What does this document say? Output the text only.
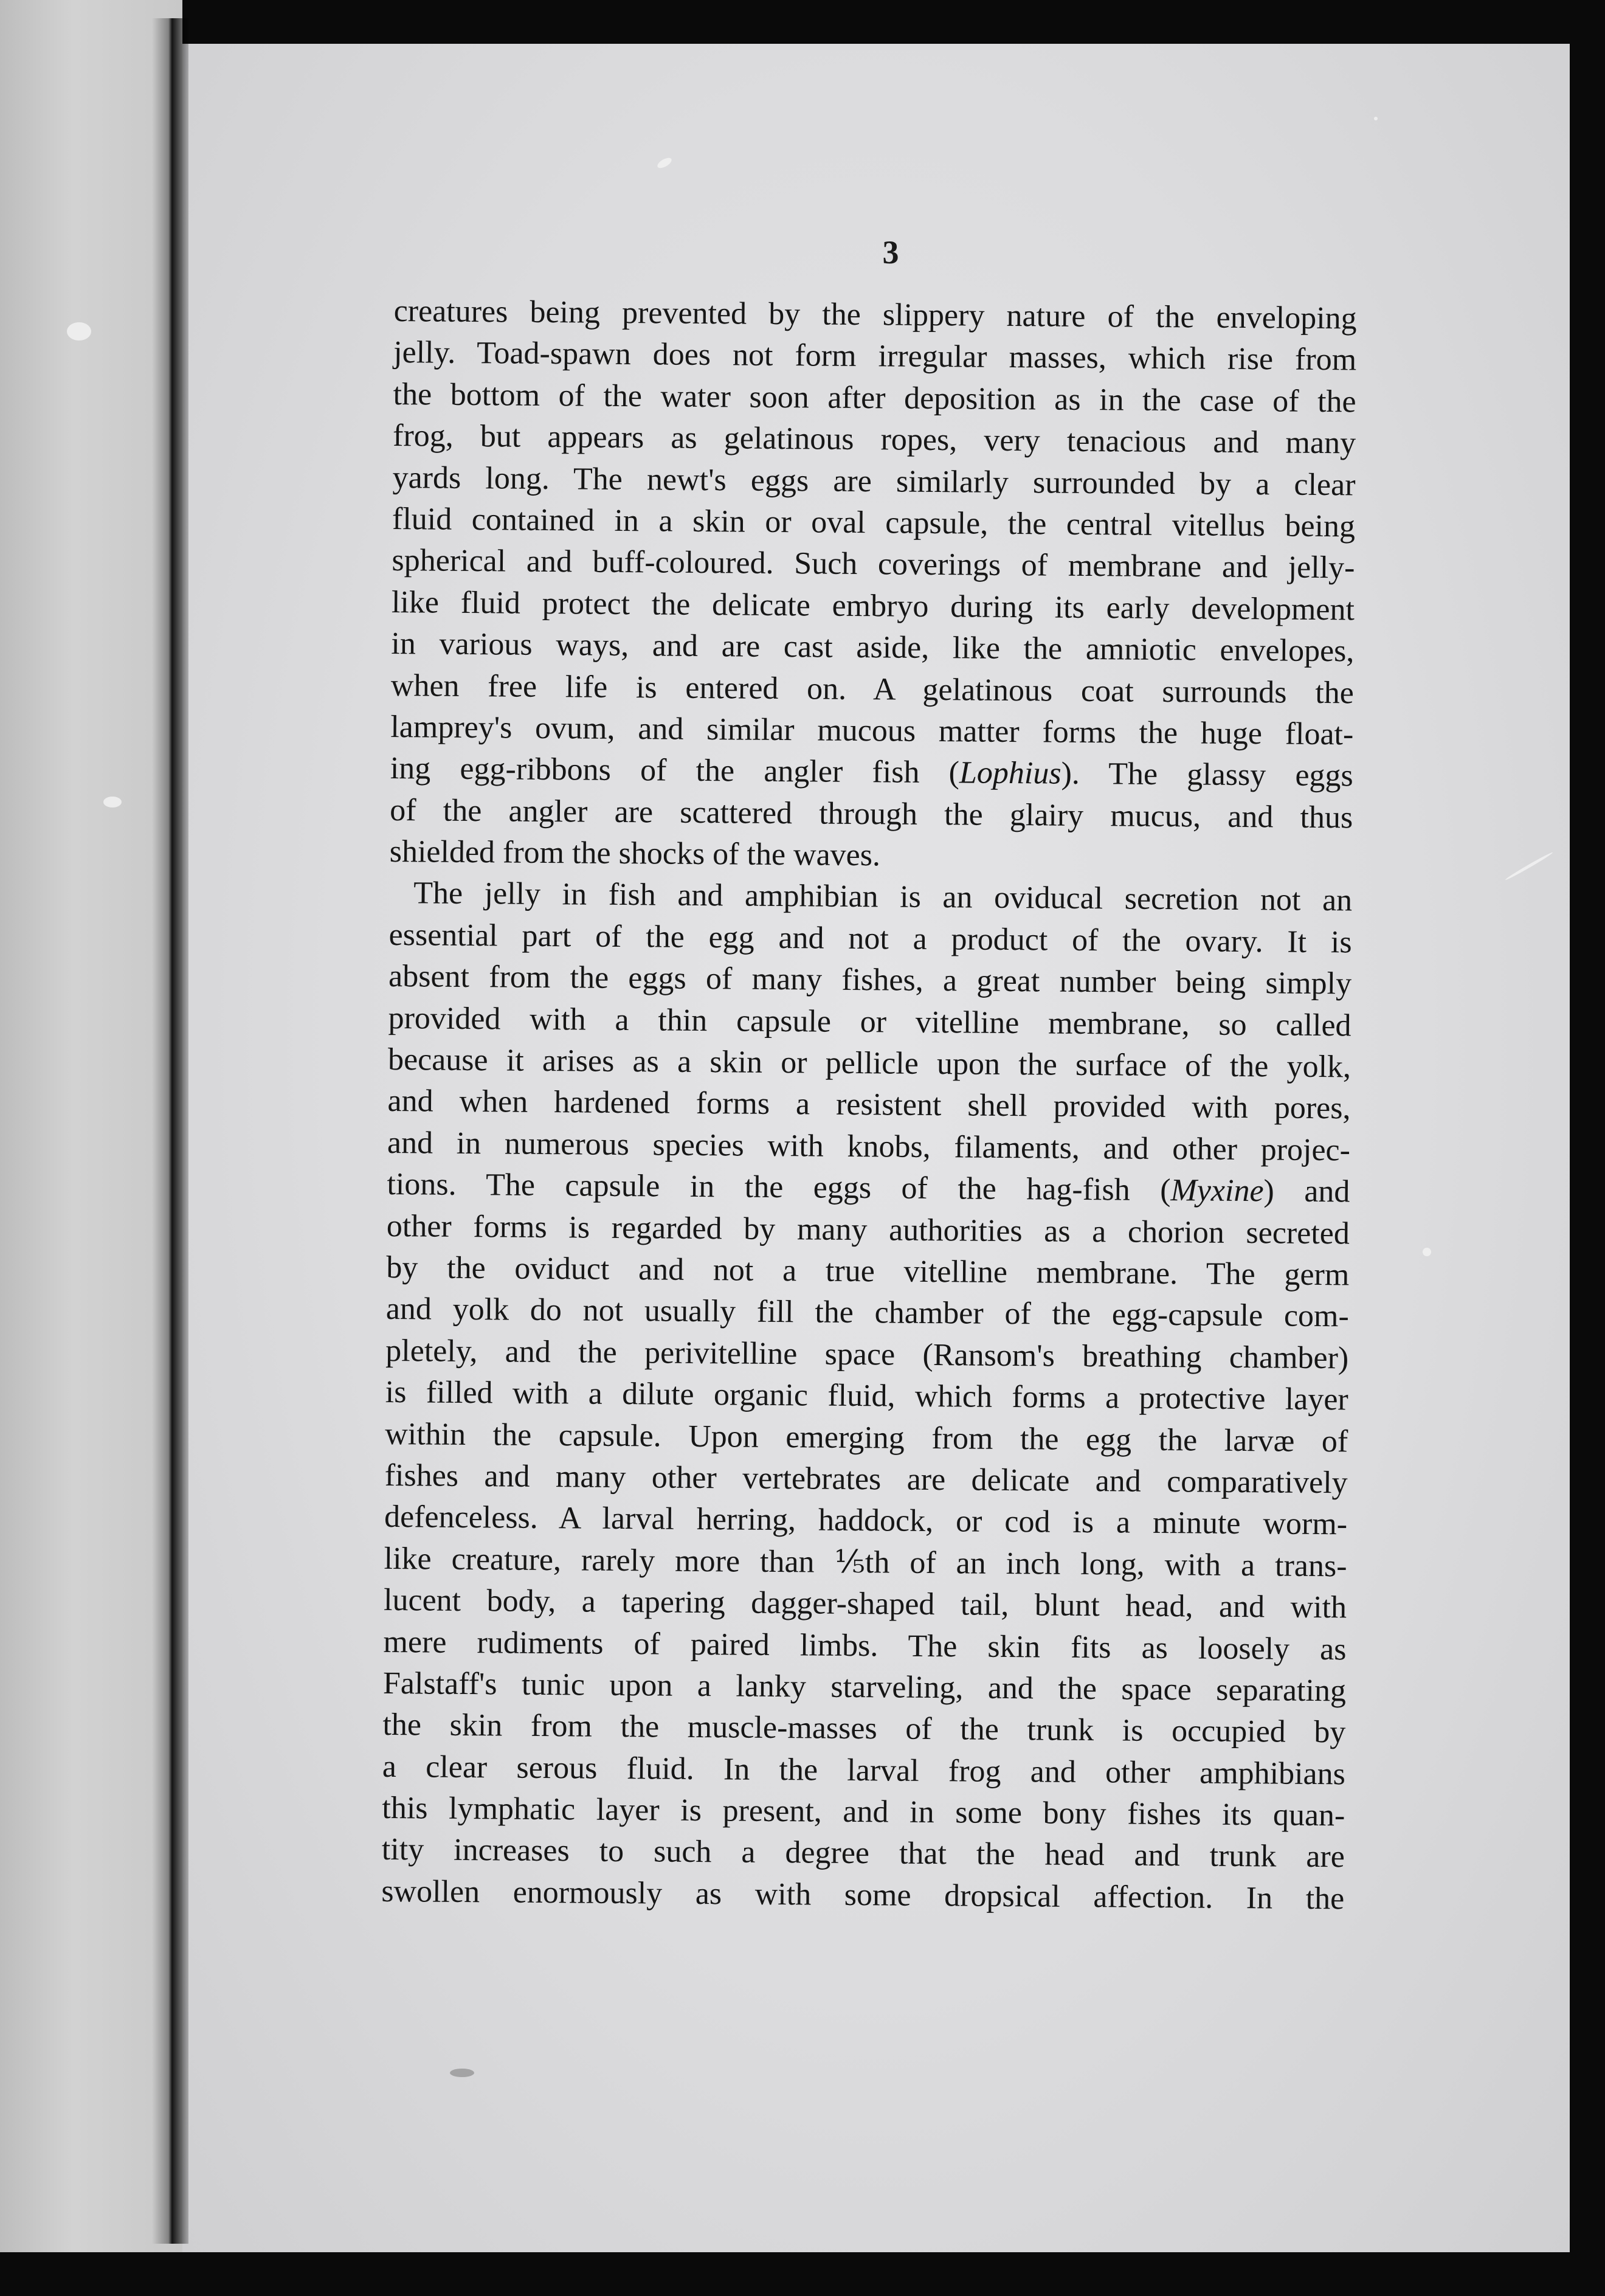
3
creatures being prevented by the slippery nature of the enveloping
jelly. Toad-spawn does not form irregular masses, which rise from
the bottom of the water soon after deposition as in the case of the
frog, but appears as gelatinous ropes, very tenacious and many
yards long. The newt's eggs are similarly surrounded by a clear
fluid contained in a skin or oval capsule, the central vitellus being
spherical and buff-coloured. Such coverings of membrane and jelly-
like fluid protect the delicate embryo during its early development
in various ways, and are cast aside, like the amniotic envelopes,
when free life is entered on. A gelatinous coat surrounds the
lamprey's ovum, and similar mucous matter forms the huge float-
ing egg-ribbons of the angler fish (Lophius). The glassy eggs
of the angler are scattered through the glairy mucus, and thus
shielded from the shocks of the waves.
The jelly in fish and amphibian is an oviducal secretion not an
essential part of the egg and not a product of the ovary. It is
absent from the eggs of many fishes, a great number being simply
provided with a thin capsule or vitelline membrane, so called
because it arises as a skin or pellicle upon the surface of the yolk,
and when hardened forms a resistent shell provided with pores,
and in numerous species with knobs, filaments, and other projec-
tions. The capsule in the eggs of the hag-fish (Myxine) and
other forms is regarded by many authorities as a chorion secreted
by the oviduct and not a true vitelline membrane. The germ
and yolk do not usually fill the chamber of the egg-capsule com-
pletely, and the perivitelline space (Ransom's breathing chamber)
is filled with a dilute organic fluid, which forms a protective layer
within the capsule. Upon emerging from the egg the larvæ of
fishes and many other vertebrates are delicate and comparatively
defenceless. A larval herring, haddock, or cod is a minute worm-
like creature, rarely more than ⅕th of an inch long, with a trans-
lucent body, a tapering dagger-shaped tail, blunt head, and with
mere rudiments of paired limbs. The skin fits as loosely as
Falstaff's tunic upon a lanky starveling, and the space separating
the skin from the muscle-masses of the trunk is occupied by
a clear serous fluid. In the larval frog and other amphibians
this lymphatic layer is present, and in some bony fishes its quan-
tity increases to such a degree that the head and trunk are
swollen enormously as with some dropsical affection. In the
